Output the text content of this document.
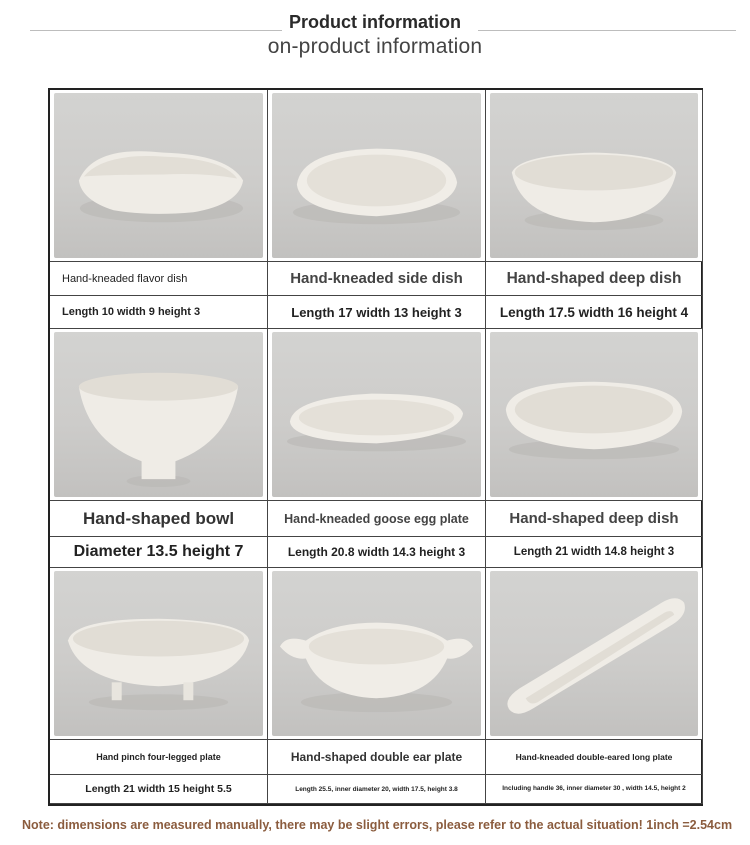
Product information
on-product information
Hand-kneaded flavor dish	Hand-kneaded side dish	Hand-shaped deep dish
Length 10 width 9 height 3	Length 17 width 13 height 3	Length 17.5 width 16 height 4
Hand-shaped bowl	Hand-kneaded goose egg plate	Hand-shaped deep dish
Diameter 13.5 height 7	Length 20.8 width 14.3 height 3	Length 21 width 14.8 height 3
Hand pinch four-legged plate	Hand-shaped double ear plate	Hand-kneaded double-eared long plate
Length 21 width 15 height 5.5	Length 25.5, inner diameter 20, width 17.5, height 3.8	Including handle 36, inner diameter 30 , width 14.5, height 2
Note: dimensions are measured manually, there may be slight errors, please refer to the actual situation! 1inch =2.54cm
